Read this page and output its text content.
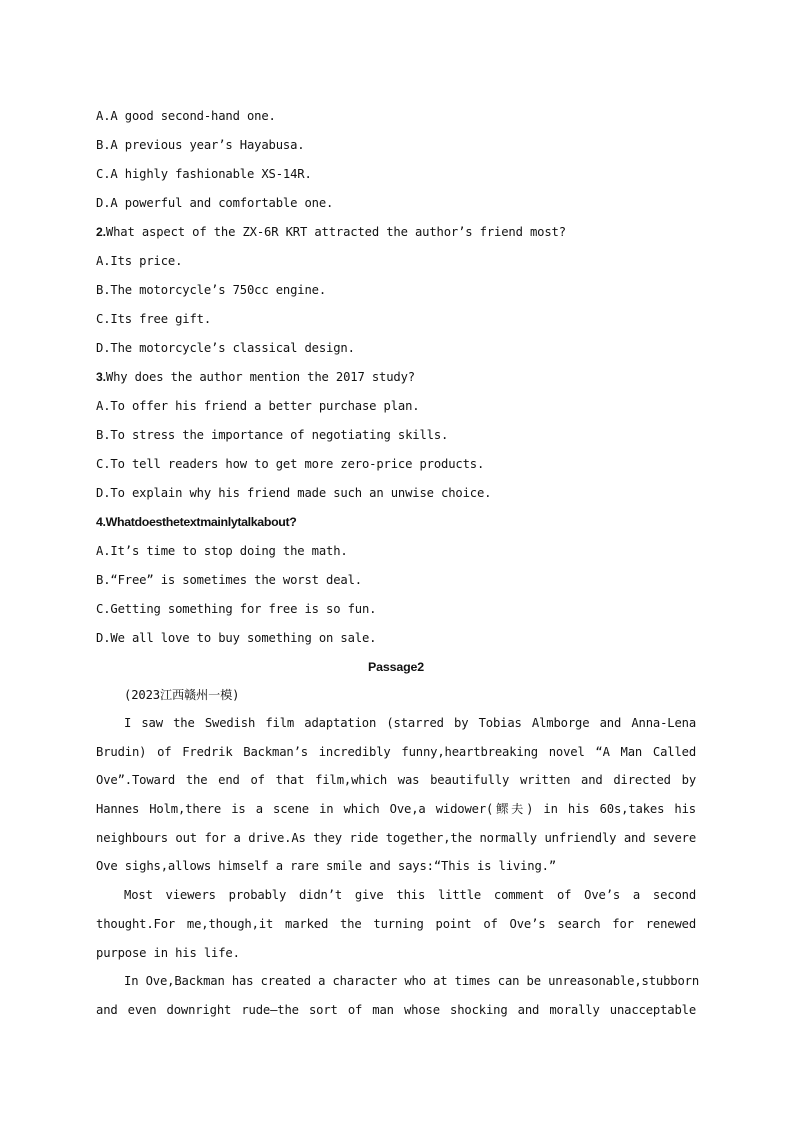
A.A good second-hand one.

B.A previous year’s Hayabusa.

C.A highly fashionable XS-14R.

D.A powerful and comfortable one.

2.What aspect of the ZX-6R KRT attracted the author’s friend most?

A.Its price.

B.The motorcycle’s 750cc engine.

C.Its free gift.

D.The motorcycle’s classical design.

3.Why does the author mention the 2017 study?

A.To offer his friend a better purchase plan.

B.To stress the importance of negotiating skills.

C.To tell readers how to get more zero-price products.

D.To explain why his friend made such an unwise choice.

4.Whatdoesthetextmainlytalkabout?

A.It’s time to stop doing the math.

B.“Free” is sometimes the worst deal.

C.Getting something for free is so fun.

D.We all love to buy something on sale.

Passage2

(2023江西赣州一模)

I saw the Swedish film adaptation (starred by Tobias Almborge and Anna-Lena
Brudin) of Fredrik Backman’s incredibly funny,heartbreaking novel “A Man Called
Ove”.Toward the end of that film,which was beautifully written and directed by
Hannes Holm,there is a scene in which Ove,a widower(鳏夫) in his 60s,takes his
neighbours out for a drive.As they ride together,the normally unfriendly and severe
Ove sighs,allows himself a rare smile and says:“This is living.”
Most viewers probably didn’t give this little comment of Ove’s a second
thought.For me,though,it marked the turning point of Ove’s search for renewed
purpose in his life.
In Ove,Backman has created a character who at times can be unreasonable,stubborn
and even downright rude—the sort of man whose shocking and morally unacceptable
